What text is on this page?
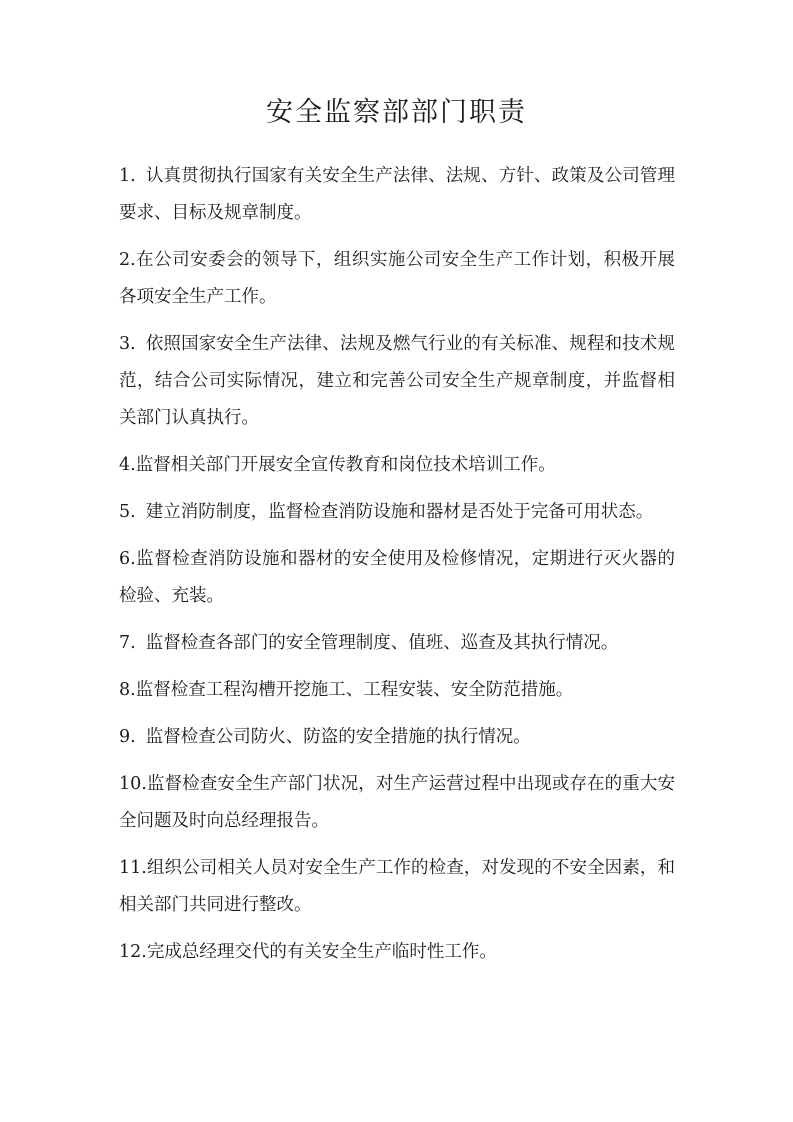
安全监察部部门职责
1. 认真贯彻执行国家有关安全生产法律、法规、方针、政策及公司管理要求、目标及规章制度。
2.在公司安委会的领导下，组织实施公司安全生产工作计划，积极开展各项安全生产工作。
3. 依照国家安全生产法律、法规及燃气行业的有关标准、规程和技术规范，结合公司实际情况，建立和完善公司安全生产规章制度，并监督相关部门认真执行。
4.监督相关部门开展安全宣传教育和岗位技术培训工作。
5. 建立消防制度，监督检查消防设施和器材是否处于完备可用状态。
6.监督检查消防设施和器材的安全使用及检修情况，定期进行灭火器的检验、充装。
7. 监督检查各部门的安全管理制度、值班、巡查及其执行情况。
8.监督检查工程沟槽开挖施工、工程安装、安全防范措施。
9. 监督检查公司防火、防盗的安全措施的执行情况。
10.监督检查安全生产部门状况，对生产运营过程中出现或存在的重大安全问题及时向总经理报告。
11.组织公司相关人员对安全生产工作的检查，对发现的不安全因素，和相关部门共同进行整改。
12.完成总经理交代的有关安全生产临时性工作。
